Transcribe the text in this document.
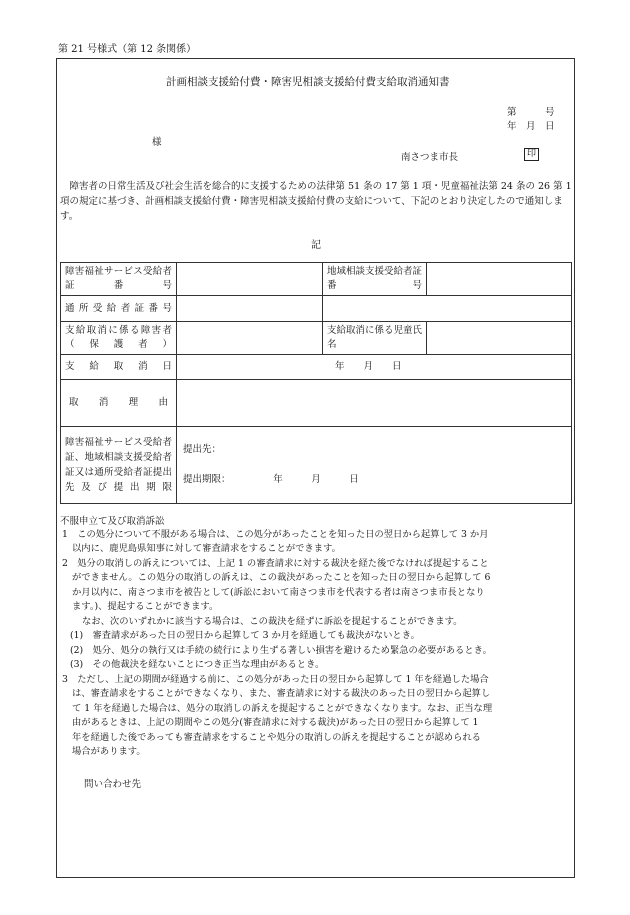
第 21 号様式（第 12 条関係）
計画相談支援給付費・障害児相談支援給付費支給取消通知書
第　　　号
年　月　日
様
南さつま市長	印
障害者の日常生活及び社会生活を総合的に支援するための法律第 51 条の 17 第 1 項・児童福祉法第 24 条の 26 第 1 項の規定に基づき、計画相談支援給付費・障害児相談支援給付費の支給について、下記のとおり決定したので通知します。
記
障害福祉サービス受給者証番号		地域相談支援受給者証番号	

通所受給者証番号			

支給取消に係る障害者（保護者）		支給取消に係る児童氏名	

支給取消日	年　　月　　日		

取消理由			

障害福祉サービス受給者証、地域相談支援受給者証又は通所受給者証提出先及び提出期限	提出先：
提出期限：　　　　　年　　　月　　　日		
不服申立て及び取消訴訟
1　この処分について不服がある場合は、この処分があったことを知った日の翌日から起算して 3 か月
以内に、鹿児島県知事に対して審査請求をすることができます。
2　処分の取消しの訴えについては、上記 1 の審査請求に対する裁決を経た後でなければ提起すること
ができません。この処分の取消しの訴えは、この裁決があったことを知った日の翌日から起算して 6
か月以内に、南さつま市を被告として(訴訟において南さつま市を代表する者は南さつま市長となり
ます。)、提起することができます。
なお、次のいずれかに該当する場合は、この裁決を経ずに訴訟を提起することができます。
(1)　審査請求があった日の翌日から起算して 3 か月を経過しても裁決がないとき。
(2)　処分、処分の執行又は手続の続行により生ずる著しい損害を避けるため緊急の必要があるとき。
(3)　その他裁決を経ないことにつき正当な理由があるとき。
3　ただし、上記の期間が経過する前に、この処分があった日の翌日から起算して 1 年を経過した場合
は、審査請求をすることができなくなり、また、審査請求に対する裁決のあった日の翌日から起算し
て 1 年を経過した場合は、処分の取消しの訴えを提起することができなくなります。なお、正当な理
由があるときは、上記の期間やこの処分(審査請求に対する裁決)があった日の翌日から起算して 1
年を経過した後であっても審査請求をすることや処分の取消しの訴えを提起することが認められる
場合があります。
問い合わせ先
